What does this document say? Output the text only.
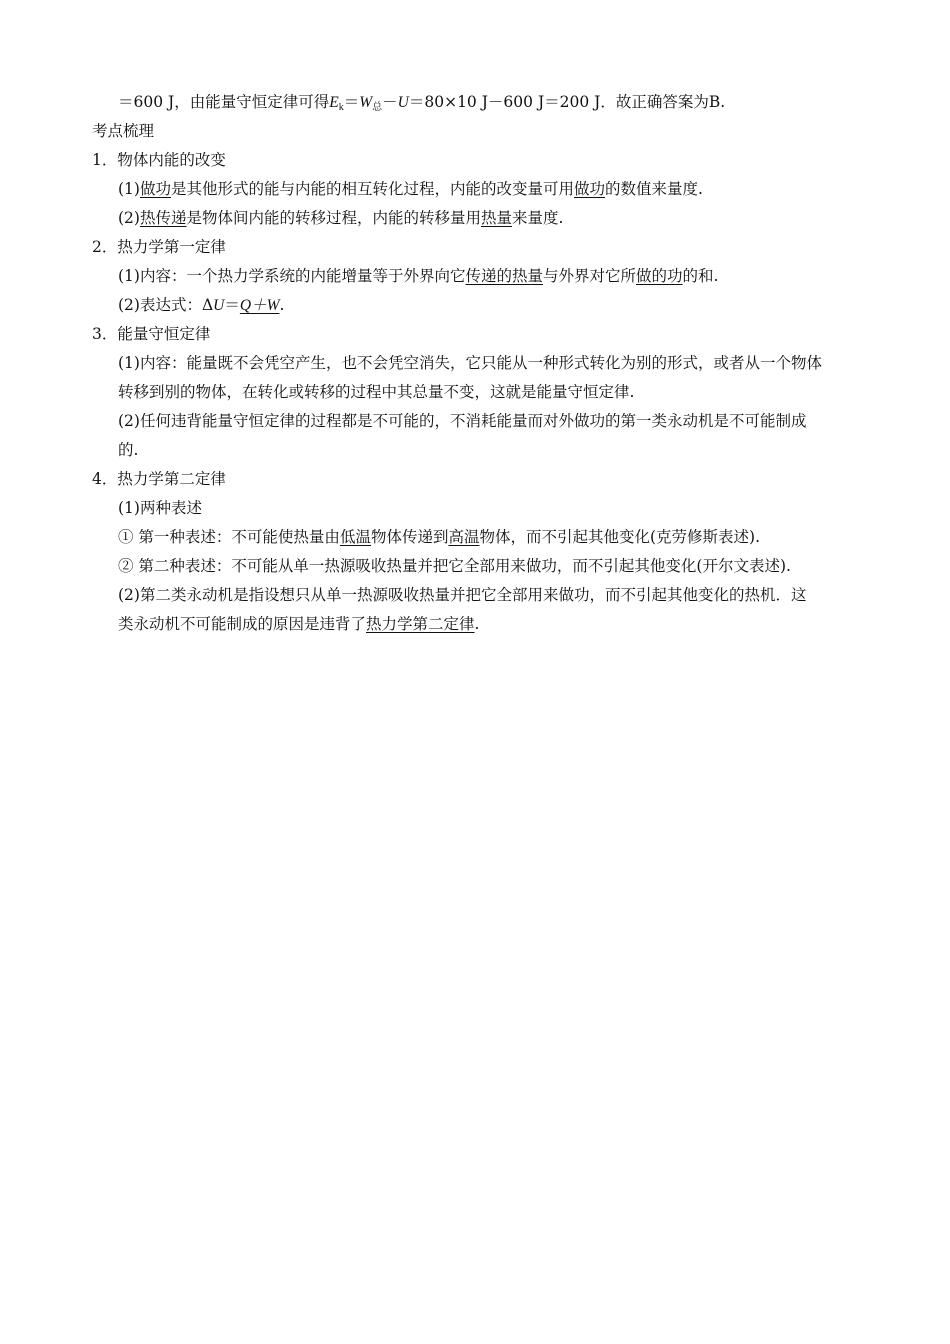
＝600 J，由能量守恒定律可得$E_k=W_总-U=80\times 10$ J－600 J＝200 J．故正确答案为B.
考点梳理
1．物体内能的改变
(1)做功是其他形式的能与内能的相互转化过程，内能的改变量可用做功的数值来量度.
(2)热传递是物体间内能的转移过程，内能的转移量用热量来量度.
2．热力学第一定律
(1)内容：一个热力学系统的内能增量等于外界向它传递的热量与外界对它所做的功的和.
(2)表达式：ΔU＝Q＋W.
3．能量守恒定律
(1)内容：能量既不会凭空产生，也不会凭空消失，它只能从一种形式转化为别的形式，或者从一个物体
转移到别的物体，在转化或转移的过程中其总量不变，这就是能量守恒定律.
(2)任何违背能量守恒定律的过程都是不可能的，不消耗能量而对外做功的第一类永动机是不可能制成
的.
4．热力学第二定律
(1)两种表述
① 第一种表述：不可能使热量由低温物体传递到高温物体，而不引起其他变化(克劳修斯表述).
② 第二种表述：不可能从单一热源吸收热量并把它全部用来做功，而不引起其他变化(开尔文表述).
(2)第二类永动机是指设想只从单一热源吸收热量并把它全部用来做功，而不引起其他变化的热机．这
类永动机不可能制成的原因是违背了热力学第二定律.
